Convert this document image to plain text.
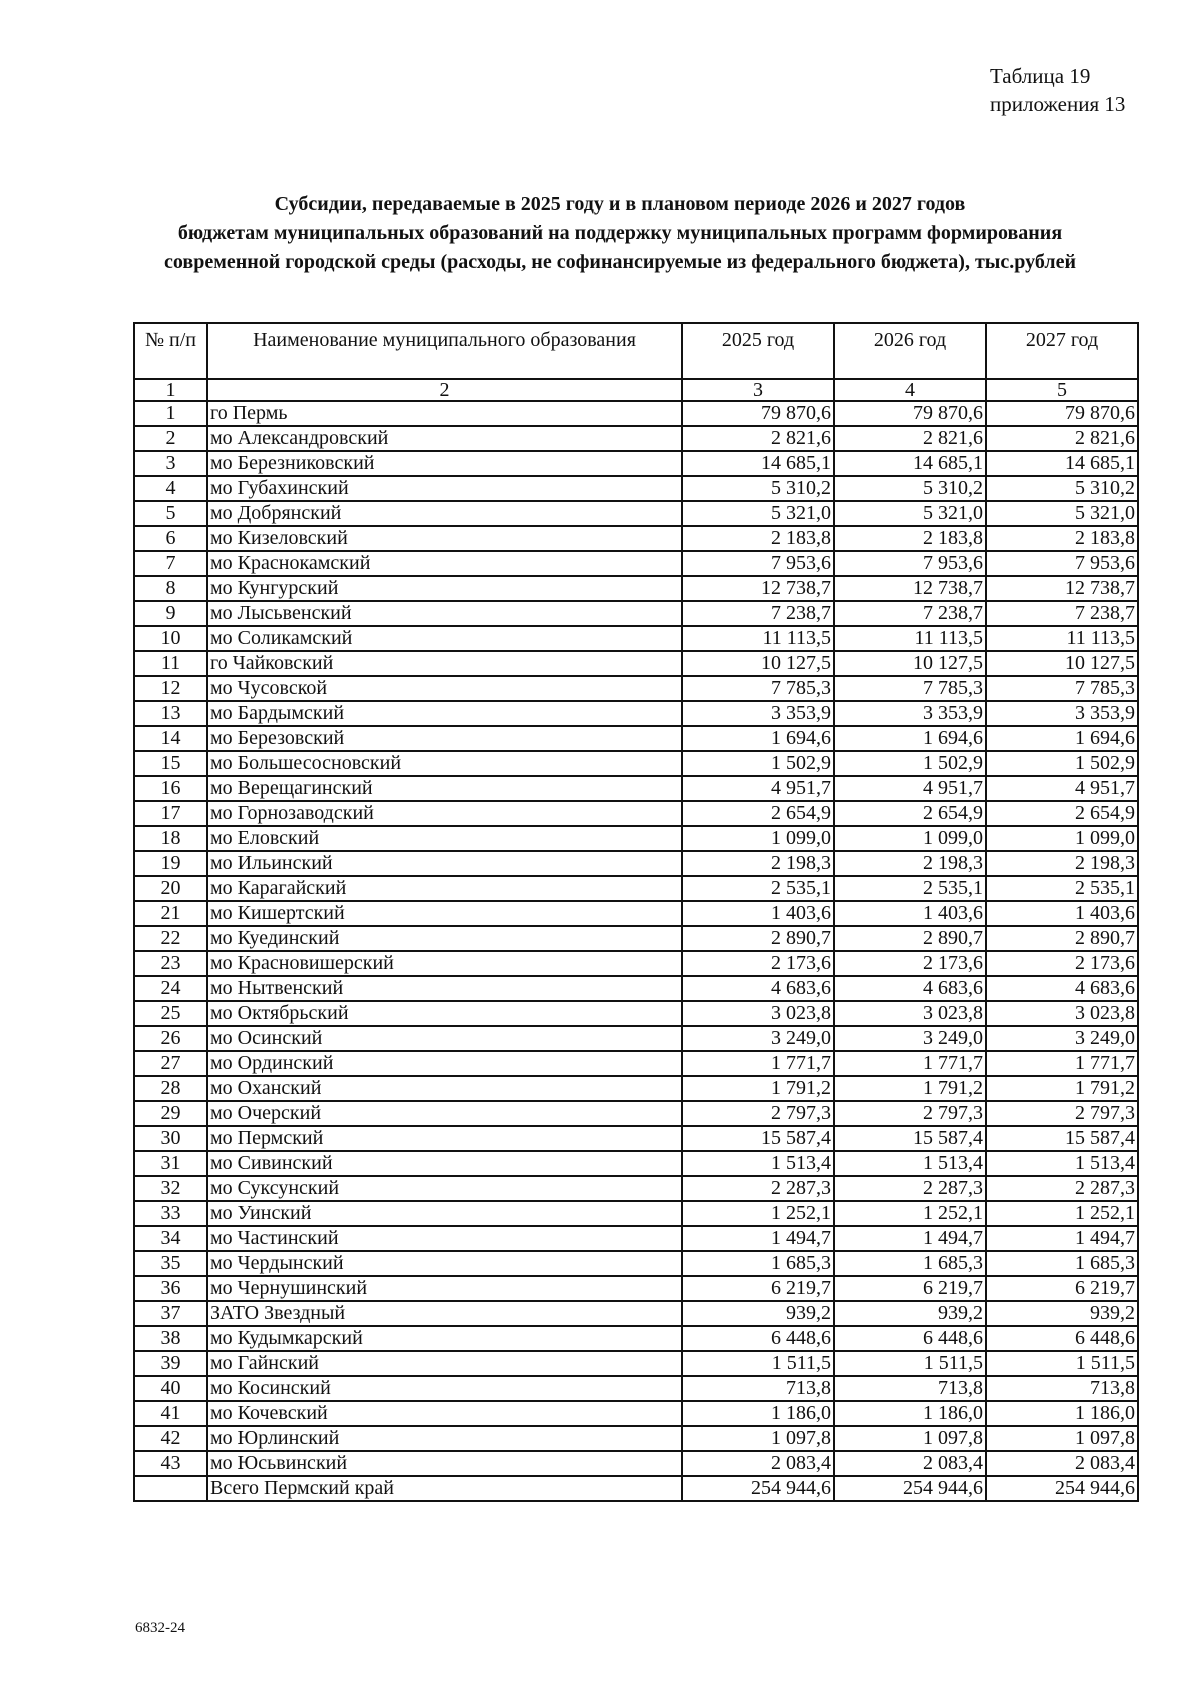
Таблица 19
приложения 13
Субсидии, передаваемые в 2025 году и в плановом периоде 2026 и 2027 годов
бюджетам муниципальных образований на поддержку муниципальных программ формирования
современной городской среды (расходы, не софинансируемые из федерального бюджета), тыс.рублей
№ п/п	Наименование муниципального образования	2025 год	2026 год	2027 год
1	2	3	4	5
1	го Пермь	79 870,6	79 870,6	79 870,6
2	мо Александровский	2 821,6	2 821,6	2 821,6
3	мо Березниковский	14 685,1	14 685,1	14 685,1
4	мо Губахинский	5 310,2	5 310,2	5 310,2
5	мо Добрянский	5 321,0	5 321,0	5 321,0
6	мо Кизеловский	2 183,8	2 183,8	2 183,8
7	мо Краснокамский	7 953,6	7 953,6	7 953,6
8	мо Кунгурский	12 738,7	12 738,7	12 738,7
9	мо Лысьвенский	7 238,7	7 238,7	7 238,7
10	мо Соликамский	11 113,5	11 113,5	11 113,5
11	го Чайковский	10 127,5	10 127,5	10 127,5
12	мо Чусовской	7 785,3	7 785,3	7 785,3
13	мо Бардымский	3 353,9	3 353,9	3 353,9
14	мо Березовский	1 694,6	1 694,6	1 694,6
15	мо Большесосновский	1 502,9	1 502,9	1 502,9
16	мо Верещагинский	4 951,7	4 951,7	4 951,7
17	мо Горнозаводский	2 654,9	2 654,9	2 654,9
18	мо Еловский	1 099,0	1 099,0	1 099,0
19	мо Ильинский	2 198,3	2 198,3	2 198,3
20	мо Карагайский	2 535,1	2 535,1	2 535,1
21	мо Кишертский	1 403,6	1 403,6	1 403,6
22	мо Куединский	2 890,7	2 890,7	2 890,7
23	мо Красновишерский	2 173,6	2 173,6	2 173,6
24	мо Нытвенский	4 683,6	4 683,6	4 683,6
25	мо Октябрьский	3 023,8	3 023,8	3 023,8
26	мо Осинский	3 249,0	3 249,0	3 249,0
27	мо Ординский	1 771,7	1 771,7	1 771,7
28	мо Оханский	1 791,2	1 791,2	1 791,2
29	мо Очерский	2 797,3	2 797,3	2 797,3
30	мо Пермский	15 587,4	15 587,4	15 587,4
31	мо Сивинский	1 513,4	1 513,4	1 513,4
32	мо Суксунский	2 287,3	2 287,3	2 287,3
33	мо Уинский	1 252,1	1 252,1	1 252,1
34	мо Частинский	1 494,7	1 494,7	1 494,7
35	мо Чердынский	1 685,3	1 685,3	1 685,3
36	мо Чернушинский	6 219,7	6 219,7	6 219,7
37	ЗАТО Звездный	939,2	939,2	939,2
38	мо Кудымкарский	6 448,6	6 448,6	6 448,6
39	мо Гайнский	1 511,5	1 511,5	1 511,5
40	мо Косинский	713,8	713,8	713,8
41	мо Кочевский	1 186,0	1 186,0	1 186,0
42	мо Юрлинский	1 097,8	1 097,8	1 097,8
43	мо Юсьвинский	2 083,4	2 083,4	2 083,4
	Всего Пермский край	254 944,6	254 944,6	254 944,6
6832-24
